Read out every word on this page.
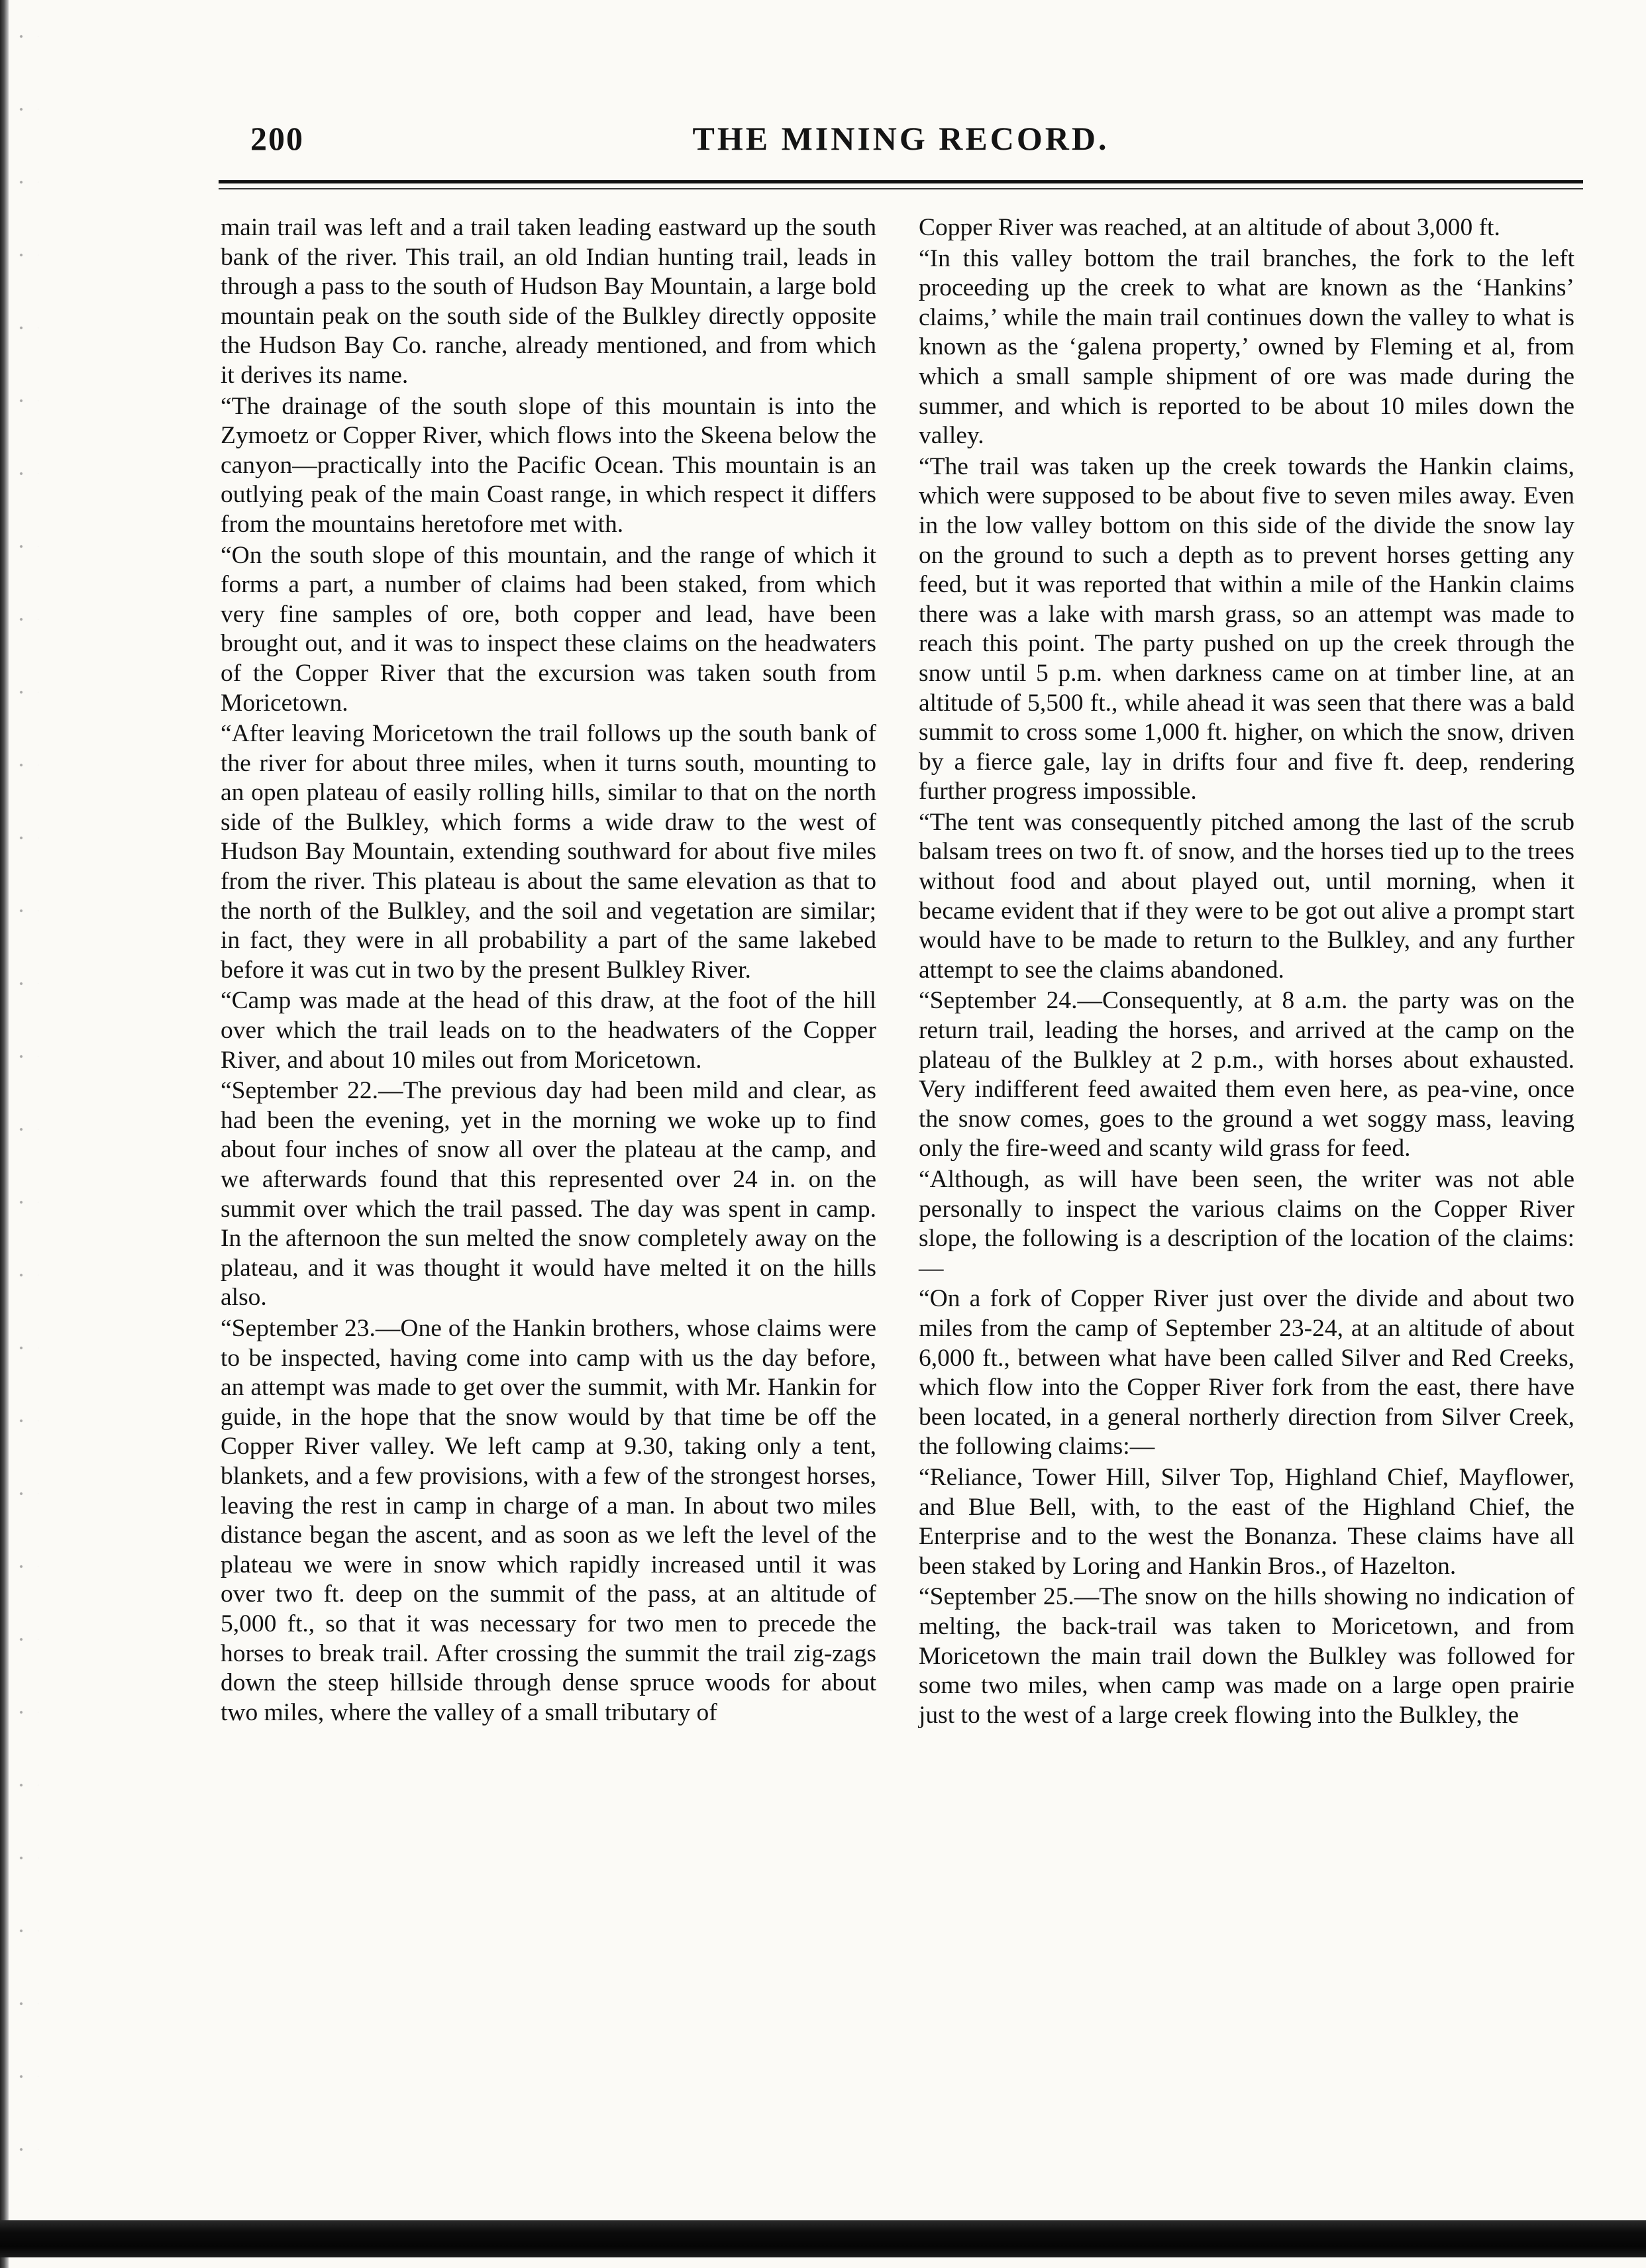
200	THE MINING RECORD.

main trail was left and a trail taken leading eastward up the south bank of the river. This trail, an old Indian hunting trail, leads in through a pass to the south of Hudson Bay Mountain, a large bold mountain peak on the south side of the Bulkley directly opposite the Hudson Bay Co. ranche, already mentioned, and from which it derives its name.

“The drainage of the south slope of this mountain is into the Zymoetz or Copper River, which flows into the Skeena below the canyon—practically into the Pacific Ocean. This mountain is an outlying peak of the main Coast range, in which respect it differs from the mountains heretofore met with.

“On the south slope of this mountain, and the range of which it forms a part, a number of claims had been staked, from which very fine samples of ore, both copper and lead, have been brought out, and it was to inspect these claims on the headwaters of the Copper River that the excursion was taken south from Moricetown.

“After leaving Moricetown the trail follows up the south bank of the river for about three miles, when it turns south, mounting to an open plateau of easily rolling hills, similar to that on the north side of the Bulkley, which forms a wide draw to the west of Hudson Bay Mountain, extending southward for about five miles from the river. This plateau is about the same elevation as that to the north of the Bulkley, and the soil and vegetation are similar; in fact, they were in all probability a part of the same lakebed before it was cut in two by the present Bulkley River.

“Camp was made at the head of this draw, at the foot of the hill over which the trail leads on to the headwaters of the Copper River, and about 10 miles out from Moricetown.

“September 22.—The previous day had been mild and clear, as had been the evening, yet in the morning we woke up to find about four inches of snow all over the plateau at the camp, and we afterwards found that this represented over 24 in. on the summit over which the trail passed. The day was spent in camp. In the afternoon the sun melted the snow completely away on the plateau, and it was thought it would have melted it on the hills also.

“September 23.—One of the Hankin brothers, whose claims were to be inspected, having come into camp with us the day before, an attempt was made to get over the summit, with Mr. Hankin for guide, in the hope that the snow would by that time be off the Copper River valley. We left camp at 9.30, taking only a tent, blankets, and a few provisions, with a few of the strongest horses, leaving the rest in camp in charge of a man. In about two miles distance began the ascent, and as soon as we left the level of the plateau we were in snow which rapidly increased until it was over two ft. deep on the summit of the pass, at an altitude of 5,000 ft., so that it was necessary for two men to precede the horses to break trail. After crossing the summit the trail zig-zags down the steep hillside through dense spruce woods for about two miles, where the valley of a small tributary of

Copper River was reached, at an altitude of about 3,000 ft.

“In this valley bottom the trail branches, the fork to the left proceeding up the creek to what are known as the ‘Hankins’ claims,’ while the main trail continues down the valley to what is known as the ‘galena property,’ owned by Fleming et al, from which a small sample shipment of ore was made during the summer, and which is reported to be about 10 miles down the valley.

“The trail was taken up the creek towards the Hankin claims, which were supposed to be about five to seven miles away. Even in the low valley bottom on this side of the divide the snow lay on the ground to such a depth as to prevent horses getting any feed, but it was reported that within a mile of the Hankin claims there was a lake with marsh grass, so an attempt was made to reach this point. The party pushed on up the creek through the snow until 5 p.m. when darkness came on at timber line, at an altitude of 5,500 ft., while ahead it was seen that there was a bald summit to cross some 1,000 ft. higher, on which the snow, driven by a fierce gale, lay in drifts four and five ft. deep, rendering further progress impossible.

“The tent was consequently pitched among the last of the scrub balsam trees on two ft. of snow, and the horses tied up to the trees without food and about played out, until morning, when it became evident that if they were to be got out alive a prompt start would have to be made to return to the Bulkley, and any further attempt to see the claims abandoned.

“September 24.—Consequently, at 8 a.m. the party was on the return trail, leading the horses, and arrived at the camp on the plateau of the Bulkley at 2 p.m., with horses about exhausted. Very indifferent feed awaited them even here, as pea-vine, once the snow comes, goes to the ground a wet soggy mass, leaving only the fire-weed and scanty wild grass for feed.

“Although, as will have been seen, the writer was not able personally to inspect the various claims on the Copper River slope, the following is a description of the location of the claims:—

“On a fork of Copper River just over the divide and about two miles from the camp of September 23-24, at an altitude of about 6,000 ft., between what have been called Silver and Red Creeks, which flow into the Copper River fork from the east, there have been located, in a general northerly direction from Silver Creek, the following claims:—

“Reliance, Tower Hill, Silver Top, Highland Chief, Mayflower, and Blue Bell, with, to the east of the Highland Chief, the Enterprise and to the west the Bonanza. These claims have all been staked by Loring and Hankin Bros., of Hazelton.

“September 25.—The snow on the hills showing no indication of melting, the back-trail was taken to Moricetown, and from Moricetown the main trail down the Bulkley was followed for some two miles, when camp was made on a large open prairie just to the west of a large creek flowing into the Bulkley, the
